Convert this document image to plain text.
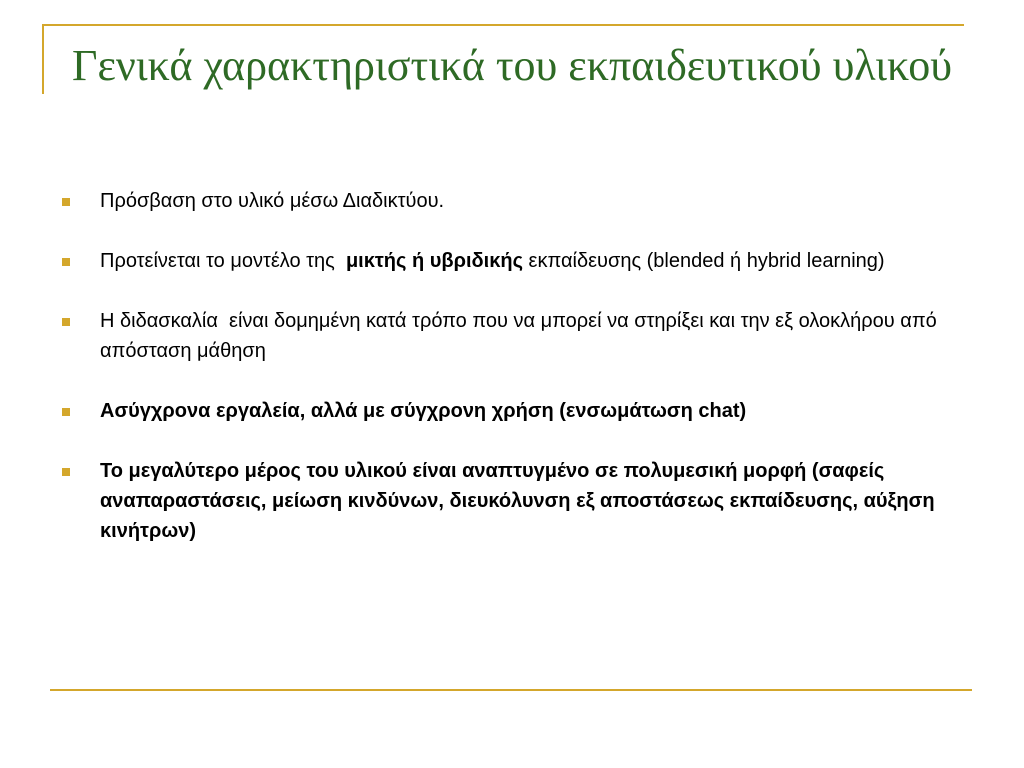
Γενικά χαρακτηριστικά του εκπαιδευτικού υλικού
Πρόσβαση στο υλικό μέσω Διαδικτύου.
Προτείνεται το μοντέλο της  μικτής ή υβριδικής εκπαίδευσης (blended ή hybrid learning)
Η διδασκαλία  είναι δομημένη κατά τρόπο που να μπορεί να στηρίξει και την εξ ολοκλήρου από απόσταση μάθηση
Ασύγχρονα εργαλεία, αλλά με σύγχρονη χρήση (ενσωμάτωση chat)
Το μεγαλύτερο μέρος του υλικού είναι αναπτυγμένο σε πολυμεσική μορφή (σαφείς αναπαραστάσεις, μείωση κινδύνων, διευκόλυνση εξ αποστάσεως εκπαίδευσης, αύξηση κινήτρων)
